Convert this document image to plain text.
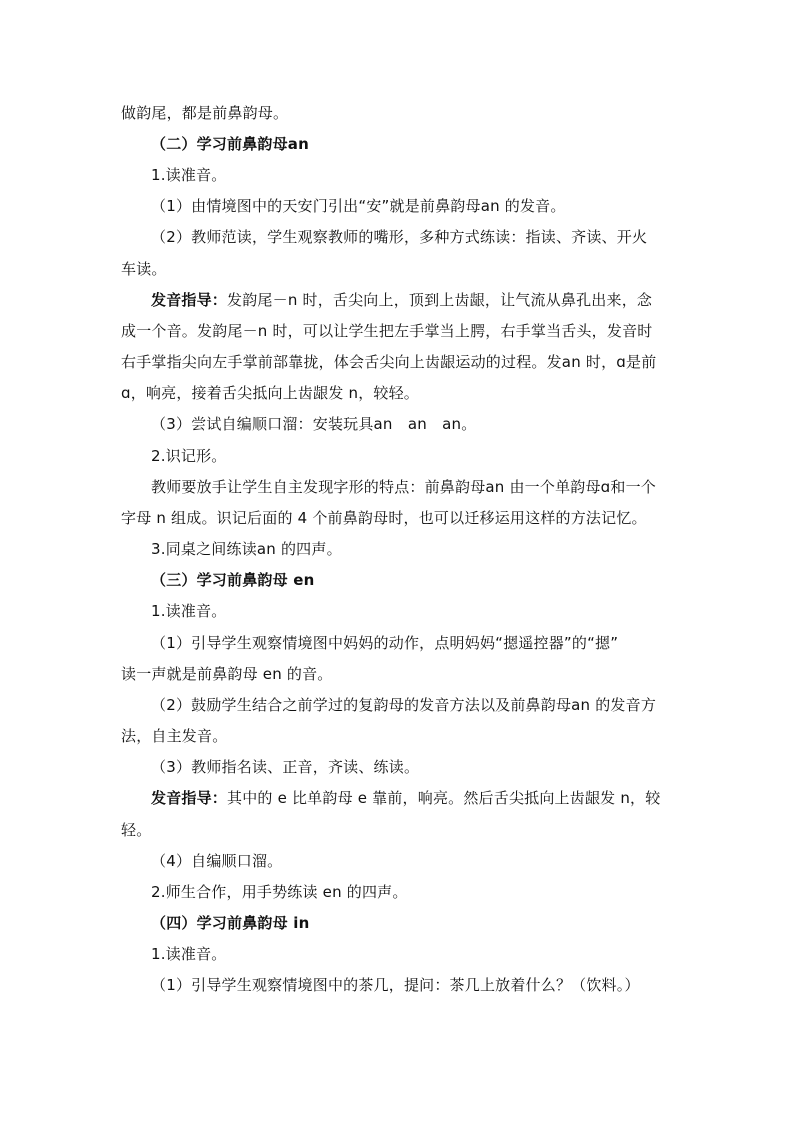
做韵尾，都是前鼻韵母。
（二）学习前鼻韵母an
1.读准音。
（1）由情境图中的天安门引出“安”就是前鼻韵母an 的发音。
（2）教师范读，学生观察教师的嘴形，多种方式练读：指读、齐读、开火
车读。
发音指导：发韵尾－n 时，舌尖向上，顶到上齿龈，让气流从鼻孔出来，念
成一个音。发韵尾－n 时，可以让学生把左手掌当上腭，右手掌当舌头，发音时
右手掌指尖向左手掌前部靠拢，体会舌尖向上齿龈运动的过程。发an 时，ɑ是前
ɑ，响亮，接着舌尖抵向上齿龈发 n，较轻。
（3）尝试自编顺口溜：安装玩具an　an　an。
2.识记形。
教师要放手让学生自主发现字形的特点：前鼻韵母an 由一个单韵母ɑ和一个
字母 n 组成。识记后面的 4 个前鼻韵母时，也可以迁移运用这样的方法记忆。
3.同桌之间练读an 的四声。
（三）学习前鼻韵母 en
1.读准音。
（1）引导学生观察情境图中妈妈的动作，点明妈妈“摁遥控器”的“摁”
读一声就是前鼻韵母 en 的音。
（2）鼓励学生结合之前学过的复韵母的发音方法以及前鼻韵母an 的发音方
法，自主发音。
（3）教师指名读、正音，齐读、练读。
发音指导：其中的 e 比单韵母 e 靠前，响亮。然后舌尖抵向上齿龈发 n，较
轻。
（4）自编顺口溜。
2.师生合作，用手势练读 en 的四声。
（四）学习前鼻韵母 in
1.读准音。
（1）引导学生观察情境图中的茶几，提问：茶几上放着什么？（饮料。）
